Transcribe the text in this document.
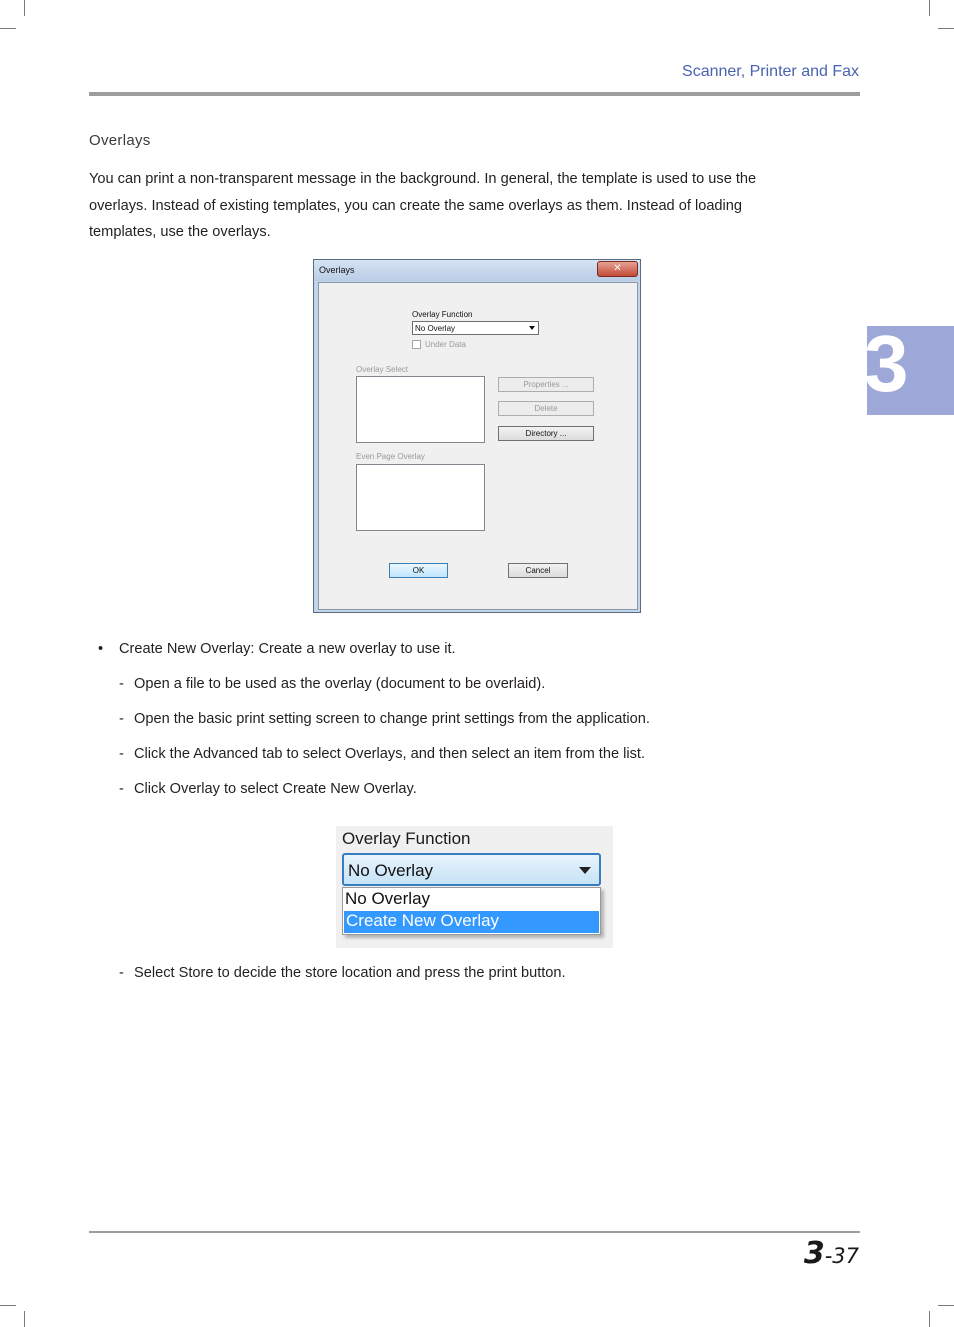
Scanner, Printer and Fax
Overlays
You can print a non-transparent message in the background. In general, the template is used to use the overlays. Instead of existing templates, you can create the same overlays as them. Instead of loading templates, use the overlays.
Overlays	✕
Overlay Function
No Overlay
Under Data
Overlay Select
Properties ...
Delete
Directory ...
Even Page Overlay
OK	Cancel
• Create New Overlay: Create a new overlay to use it.
- Open a file to be used as the overlay (document to be overlaid).
- Open the basic print setting screen to change print settings from the application.
- Click the Advanced tab to select Overlays, and then select an item from the list.
- Click Overlay to select Create New Overlay.
Overlay Function
No Overlay
No Overlay
Create New Overlay
- Select Store to decide the store location and press the print button.
3
3-37
